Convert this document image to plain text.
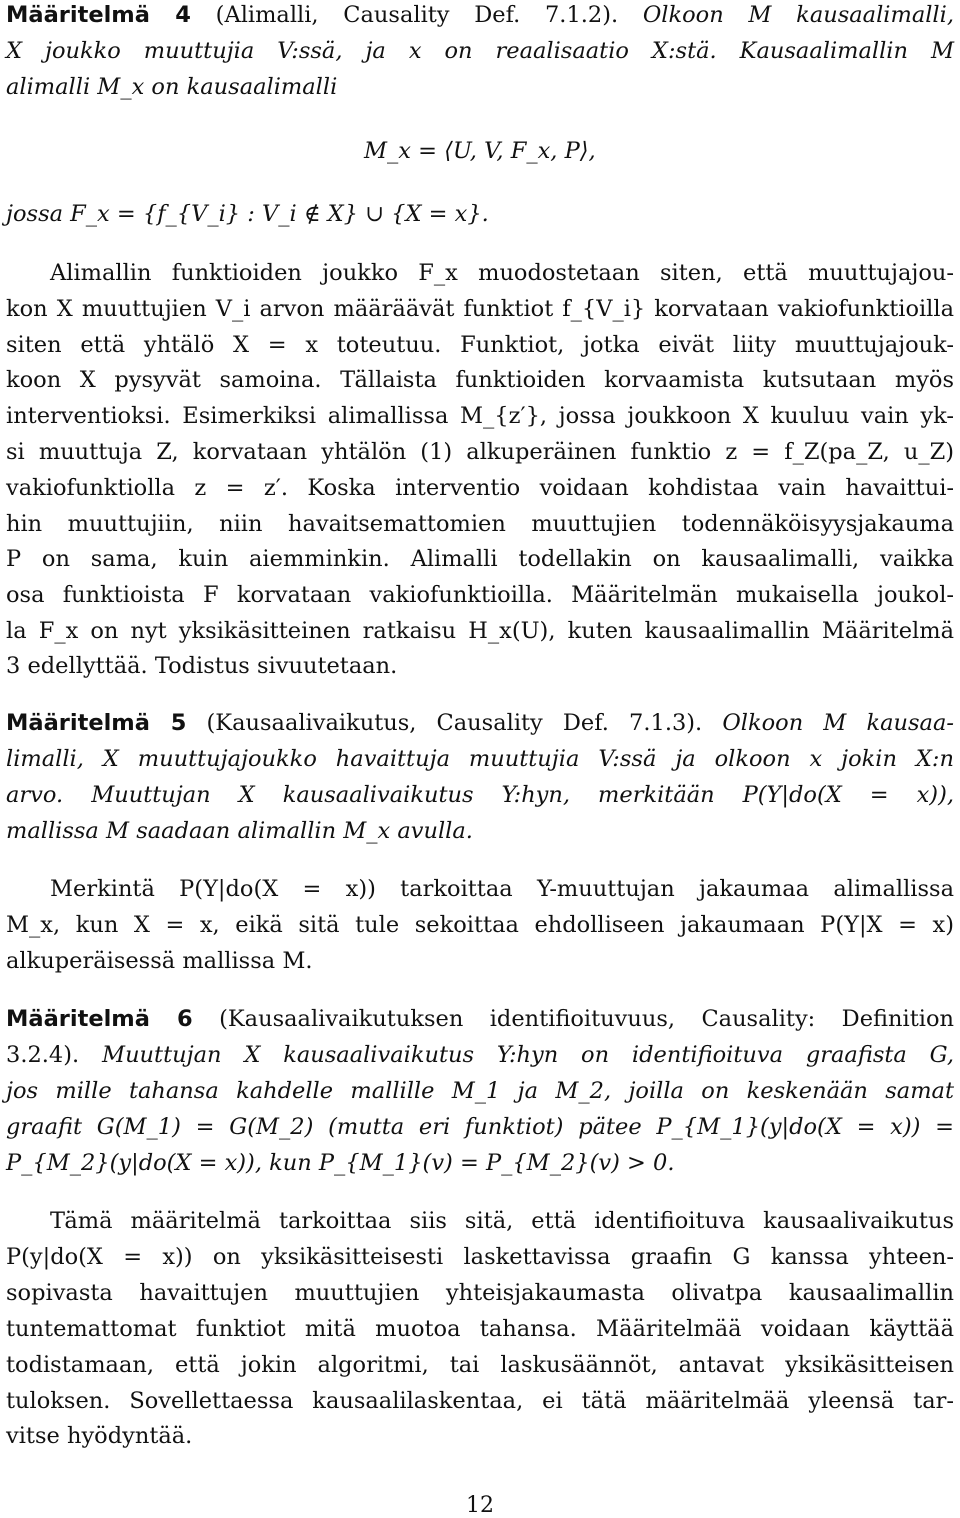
Määritelmä 4 (Alimalli, Causality Def. 7.1.2). Olkoon M kausaalimalli,
X joukko muuttujia V:ssä, ja x on reaalisaatio X:stä. Kausaalimallin M
alimalli M_x on kausaalimalli
M_x = ⟨U, V, F_x, P⟩,
jossa F_x = {f_{V_i} : V_i ∉ X} ∪ {X = x}.
Alimallin funktioiden joukko F_x muodostetaan siten, että muuttujajou-
kon X muuttujien V_i arvon määräävät funktiot f_{V_i} korvataan vakiofunktioilla
siten että yhtälö X = x toteutuu. Funktiot, jotka eivät liity muuttujajouk-
koon X pysyvät samoina. Tällaista funktioiden korvaamista kutsutaan myös
interventioksi. Esimerkiksi alimallissa M_{z′}, jossa joukkoon X kuuluu vain yk-
si muuttuja Z, korvataan yhtälön (1) alkuperäinen funktio z = f_Z(pa_Z, u_Z)
vakiofunktiolla z = z′. Koska interventio voidaan kohdistaa vain havaittui-
hin muuttujiin, niin havaitsemattomien muuttujien todennäköisyysjakauma
P on sama, kuin aiemminkin. Alimalli todellakin on kausaalimalli, vaikka
osa funktioista F korvataan vakiofunktioilla. Määritelmän mukaisella joukol-
la F_x on nyt yksikäsitteinen ratkaisu H_x(U), kuten kausaalimallin Määritelmä
3 edellyttää. Todistus sivuutetaan.
Määritelmä 5 (Kausaalivaikutus, Causality Def. 7.1.3). Olkoon M kausaa-
limalli, X muuttujajoukko havaittuja muuttujia V:ssä ja olkoon x jokin X:n
arvo. Muuttujan X kausaalivaikutus Y:hyn, merkitään P(Y|do(X = x)),
mallissa M saadaan alimallin M_x avulla.
Merkintä P(Y|do(X = x)) tarkoittaa Y-muuttujan jakaumaa alimallissa
M_x, kun X = x, eikä sitä tule sekoittaa ehdolliseen jakaumaan P(Y|X = x)
alkuperäisessä mallissa M.
Määritelmä 6 (Kausaalivaikutuksen identifioituvuus, Causality: Definition
3.2.4). Muuttujan X kausaalivaikutus Y:hyn on identifioituva graafista G,
jos mille tahansa kahdelle mallille M_1 ja M_2, joilla on keskenään samat
graafit G(M_1) = G(M_2) (mutta eri funktiot) pätee P_{M_1}(y|do(X = x)) =
P_{M_2}(y|do(X = x)), kun P_{M_1}(v) = P_{M_2}(v) > 0.
Tämä määritelmä tarkoittaa siis sitä, että identifioituva kausaalivaikutus
P(y|do(X = x)) on yksikäsitteisesti laskettavissa graafin G kanssa yhteen-
sopivasta havaittujen muuttujien yhteisjakaumasta olivatpa kausaalimallin
tuntemattomat funktiot mitä muotoa tahansa. Määritelmää voidaan käyttää
todistamaan, että jokin algoritmi, tai laskusäännöt, antavat yksikäsitteisen
tuloksen. Sovellettaessa kausaalilaskentaa, ei tätä määritelmää yleensä tar-
vitse hyödyntää.
12
